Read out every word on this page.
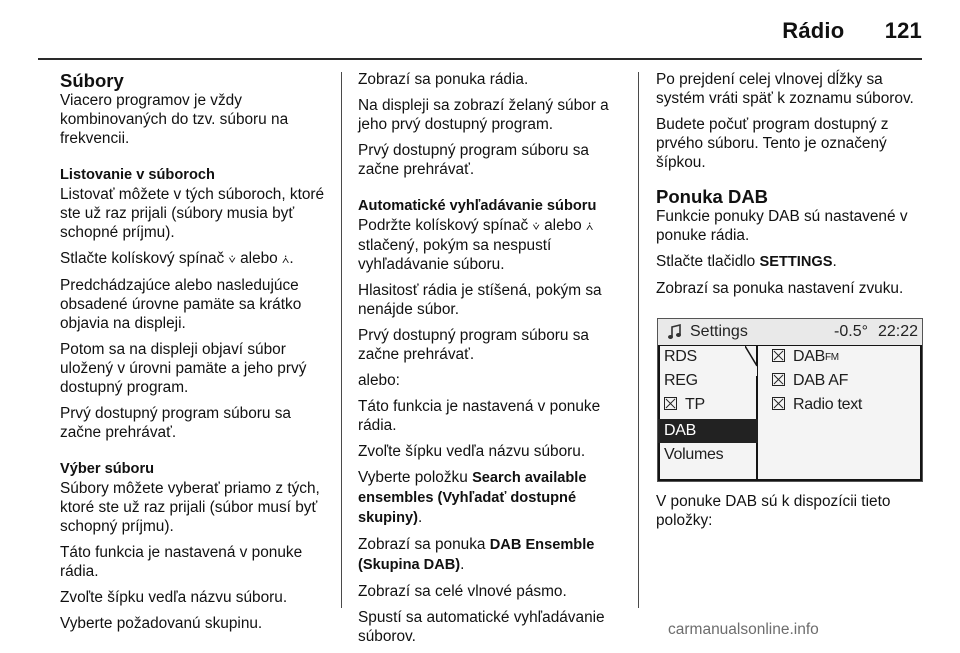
Rádio 121

Súbory

Viacero programov je vždy kombinovaných do tzv. súboru na frekvencii.

Listovanie v súboroch

Listovať môžete v tých súboroch, ktoré ste už raz prijali (súbory musia byť schopné príjmu).

Stlačte kolískový spínač ⩒ alebo ⩑.

Predchádzajúce alebo nasledujúce obsadené úrovne pamäte sa krátko objavia na displeji.

Potom sa na displeji objaví súbor uložený v úrovni pamäte a jeho prvý dostupný program.

Prvý dostupný program súboru sa začne prehrávať.

Výber súboru

Súbory môžete vyberať priamo z tých, ktoré ste už raz prijali (súbor musí byť schopný príjmu).

Táto funkcia je nastavená v ponuke rádia.

Zvoľte šípku vedľa názvu súboru.

Vyberte požadovanú skupinu.

Zobrazí sa ponuka rádia.

Na displeji sa zobrazí želaný súbor a jeho prvý dostupný program.

Prvý dostupný program súboru sa začne prehrávať.

Automatické vyhľadávanie súboru

Podržte kolískový spínač ⩒ alebo ⩑
stlačený, pokým sa nespustí vyhľadávanie súboru.

Hlasitosť rádia je stíšená, pokým sa nenájde súbor.

Prvý dostupný program súboru sa začne prehrávať.

alebo:

Táto funkcia je nastavená v ponuke rádia.

Zvoľte šípku vedľa názvu súboru.

Vyberte položku Search available ensembles (Vyhľadať dostupné skupiny).

Zobrazí sa ponuka DAB Ensemble (Skupina DAB).

Zobrazí sa celé vlnové pásmo.

Spustí sa automatické vyhľadávanie súborov.

Po prejdení celej vlnovej dĺžky sa systém vráti späť k zoznamu súborov.

Budete počuť program dostupný z prvého súboru. Tento je označený šípkou.

Ponuka DAB

Funkcie ponuky DAB sú nastavené v ponuke rádia.

Stlačte tlačidlo SETTINGS.

Zobrazí sa ponuka nastavení zvuku.

V ponuke DAB sú k dispozícii tieto položky:

Settings	-0.5° 22:22
RDS
REG
TP
DAB
Volumes
DABFM
DAB AF
Radio text
carmanualsonline.info
